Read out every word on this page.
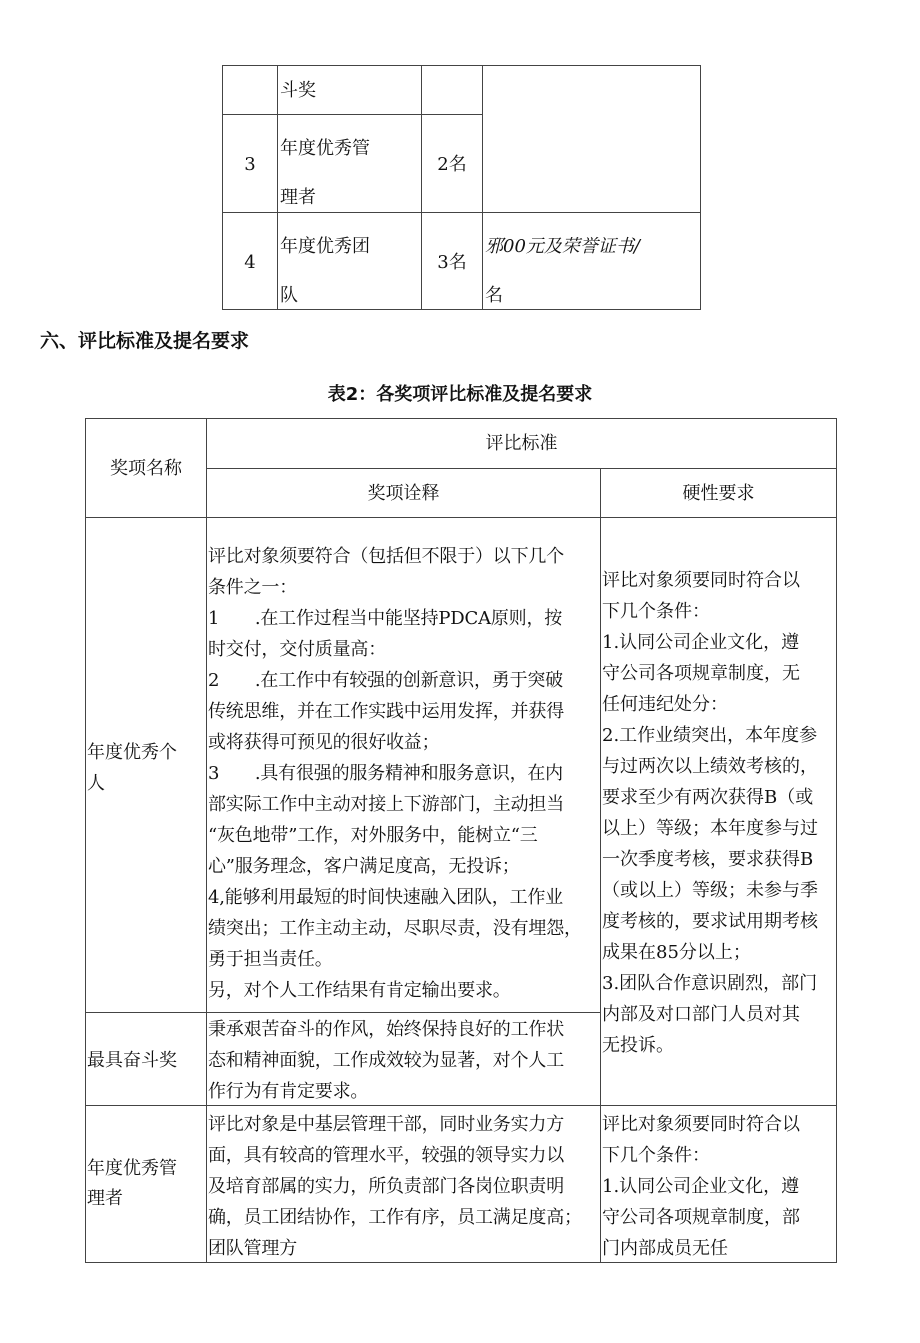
斗奖
3
年度优秀管
理者
2名
4
年度优秀团
队
3名
邪00元及荣誉证书/
名
六、评比标准及提名要求
表2：各奖项评比标准及提名要求
奖项名称
评比标准
奖项诠释	硬性要求
年度优秀个
人
评比对象须要符合（包括但不限于）以下几个
条件之一：
1　　.在工作过程当中能坚持PDCA原则，按
时交付，交付质量高：
2　　.在工作中有较强的创新意识，勇于突破
传统思维，并在工作实践中运用发挥，并获得
或将获得可预见的很好收益；
3　　.具有很强的服务精神和服务意识，在内
部实际工作中主动对接上下游部门，主动担当
“灰色地带”工作，对外服务中，能树立“三
心”服务理念，客户满足度高，无投诉；
4,能够利用最短的时间快速融入团队，工作业
绩突出；工作主动主动，尽职尽责，没有埋怨，
勇于担当责任。
另，对个人工作结果有肯定输出要求。
评比对象须要同时符合以
下几个条件：
1.认同公司企业文化，遵
守公司各项规章制度，无
任何违纪处分：
2.工作业绩突出，本年度参
与过两次以上绩效考核的，
要求至少有两次获得B（或
以上）等级；本年度参与过
一次季度考核，要求获得B
（或以上）等级；未参与季
度考核的，要求试用期考核
成果在85分以上；
3.团队合作意识剧烈，部门
内部及对口部门人员对其
无投诉。
最具奋斗奖
秉承艰苦奋斗的作风，始终保持良好的工作状
态和精神面貌，工作成效较为显著，对个人工
作行为有肯定要求。
年度优秀管
理者
评比对象是中基层管理干部，同时业务实力方
面，具有较高的管理水平，较强的领导实力以
及培育部属的实力，所负责部门各岗位职责明
确，员工团结协作，工作有序，员工满足度高；
团队管理方
评比对象须要同时符合以
下几个条件：
1.认同公司企业文化，遵
守公司各项规章制度，部
门内部成员无任
